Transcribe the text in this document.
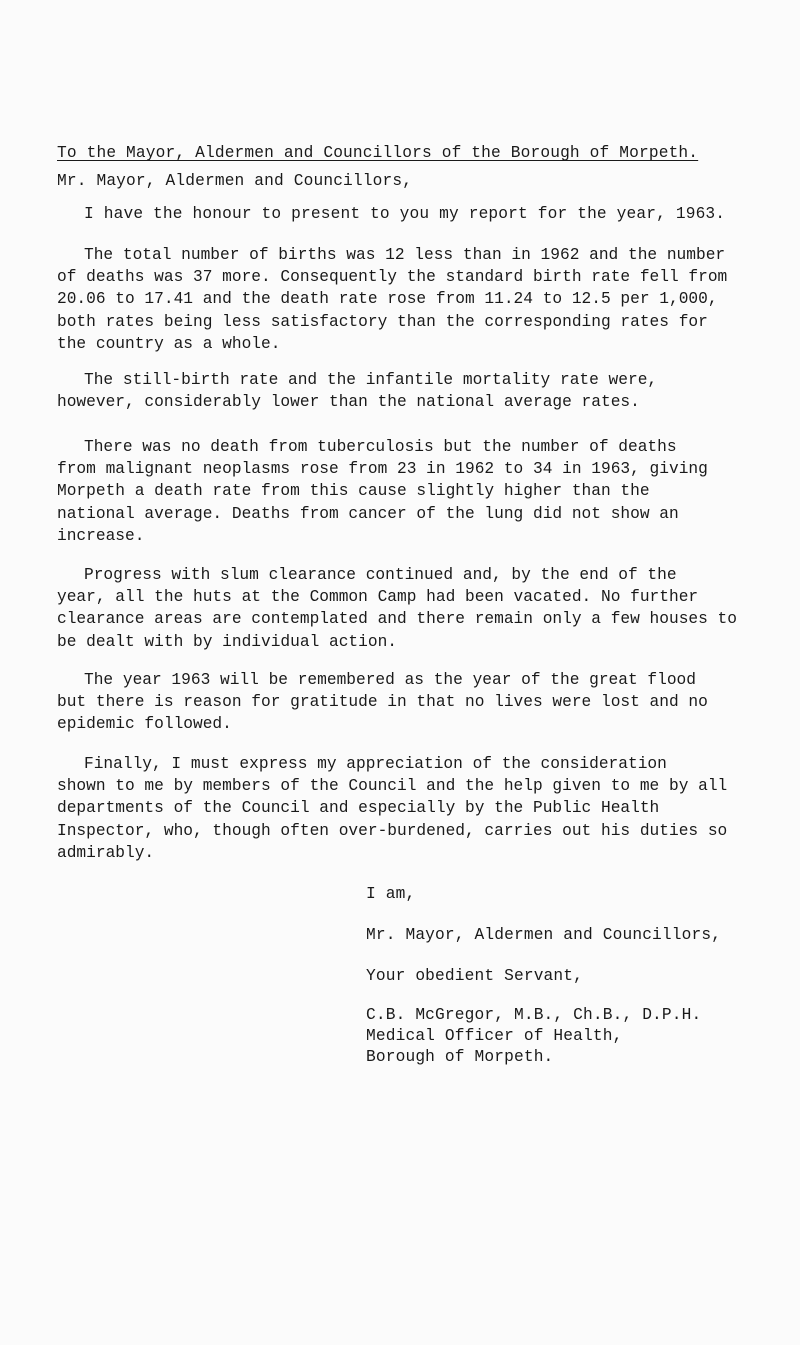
To the Mayor, Aldermen and Councillors of the Borough of Morpeth.
Mr. Mayor, Aldermen and Councillors,
I have the honour to present to you my report for the year, 1963.
The total number of births was 12 less than in 1962 and the number
of deaths was 37 more. Consequently the standard birth rate fell from
20.06 to 17.41 and the death rate rose from 11.24 to 12.5 per 1,000,
both rates being less satisfactory than the corresponding rates for
the country as a whole.
The still-birth rate and the infantile mortality rate were,
however, considerably lower than the national average rates.
There was no death from tuberculosis but the number of deaths
from malignant neoplasms rose from 23 in 1962 to 34 in 1963, giving
Morpeth a death rate from this cause slightly higher than the
national average. Deaths from cancer of the lung did not show an
increase.
Progress with slum clearance continued and, by the end of the
year, all the huts at the Common Camp had been vacated. No further
clearance areas are contemplated and there remain only a few houses to
be dealt with by individual action.
The year 1963 will be remembered as the year of the great flood
but there is reason for gratitude in that no lives were lost and no
epidemic followed.
Finally, I must express my appreciation of the consideration
shown to me by members of the Council and the help given to me by all
departments of the Council and especially by the Public Health
Inspector, who, though often over-burdened, carries out his duties so
admirably.
I am,
Mr. Mayor, Aldermen and Councillors,
Your obedient Servant,
C.B. McGregor, M.B., Ch.B., D.P.H.
Medical Officer of Health,
Borough of Morpeth.
